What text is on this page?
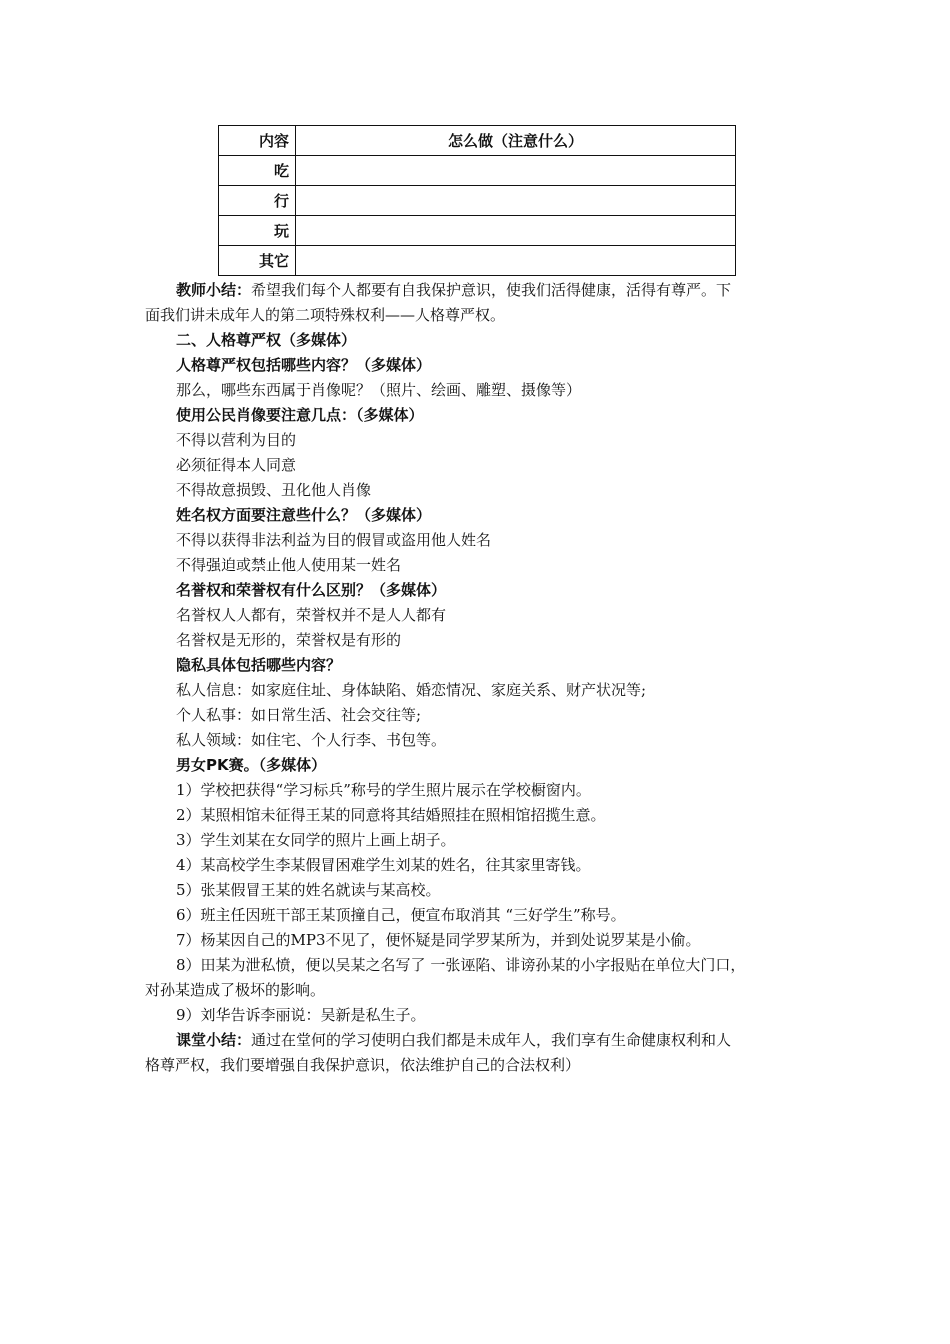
内容	怎么做（注意什么）
吃	
行	
玩	
其它	

教师小结：希望我们每个人都要有自我保护意识，使我们活得健康，活得有尊严。下

面我们讲未成年人的第二项特殊权利——人格尊严权。

二、人格尊严权（多媒体）

人格尊严权包括哪些内容？（多媒体）

那么，哪些东西属于肖像呢？（照片、绘画、雕塑、摄像等）

使用公民肖像要注意几点：（多媒体）

不得以营利为目的

必须征得本人同意

不得故意损毁、丑化他人肖像

姓名权方面要注意些什么？（多媒体）

不得以获得非法利益为目的假冒或盗用他人姓名

不得强迫或禁止他人使用某一姓名

名誉权和荣誉权有什么区别？（多媒体）

名誉权人人都有，荣誉权并不是人人都有

名誉权是无形的，荣誉权是有形的

隐私具体包括哪些内容？

私人信息：如家庭住址、身体缺陷、婚恋情况、家庭关系、财产状况等;

个人私事：如日常生活、社会交往等;

私人领域：如住宅、个人行李、书包等。

男女PK赛。（多媒体）

1）学校把获得“学习标兵”称号的学生照片展示在学校橱窗内。

2）某照相馆未征得王某的同意将其结婚照挂在照相馆招揽生意。

3）学生刘某在女同学的照片上画上胡子。

4）某高校学生李某假冒困难学生刘某的姓名，往其家里寄钱。

5）张某假冒王某的姓名就读与某高校。

6）班主任因班干部王某顶撞自己，便宣布取消其 “三好学生”称号。

7）杨某因自己的MP3不见了，便怀疑是同学罗某所为，并到处说罗某是小偷。

8）田某为泄私愤，便以吴某之名写了 一张诬陷、诽谤孙某的小字报贴在单位大门口，

对孙某造成了极坏的影响。

9）刘华告诉李丽说：吴新是私生子。

课堂小结：通过在堂何的学习使明白我们都是未成年人，我们享有生命健康权利和人

格尊严权，我们要增强自我保护意识，依法维护自己的合法权利）
